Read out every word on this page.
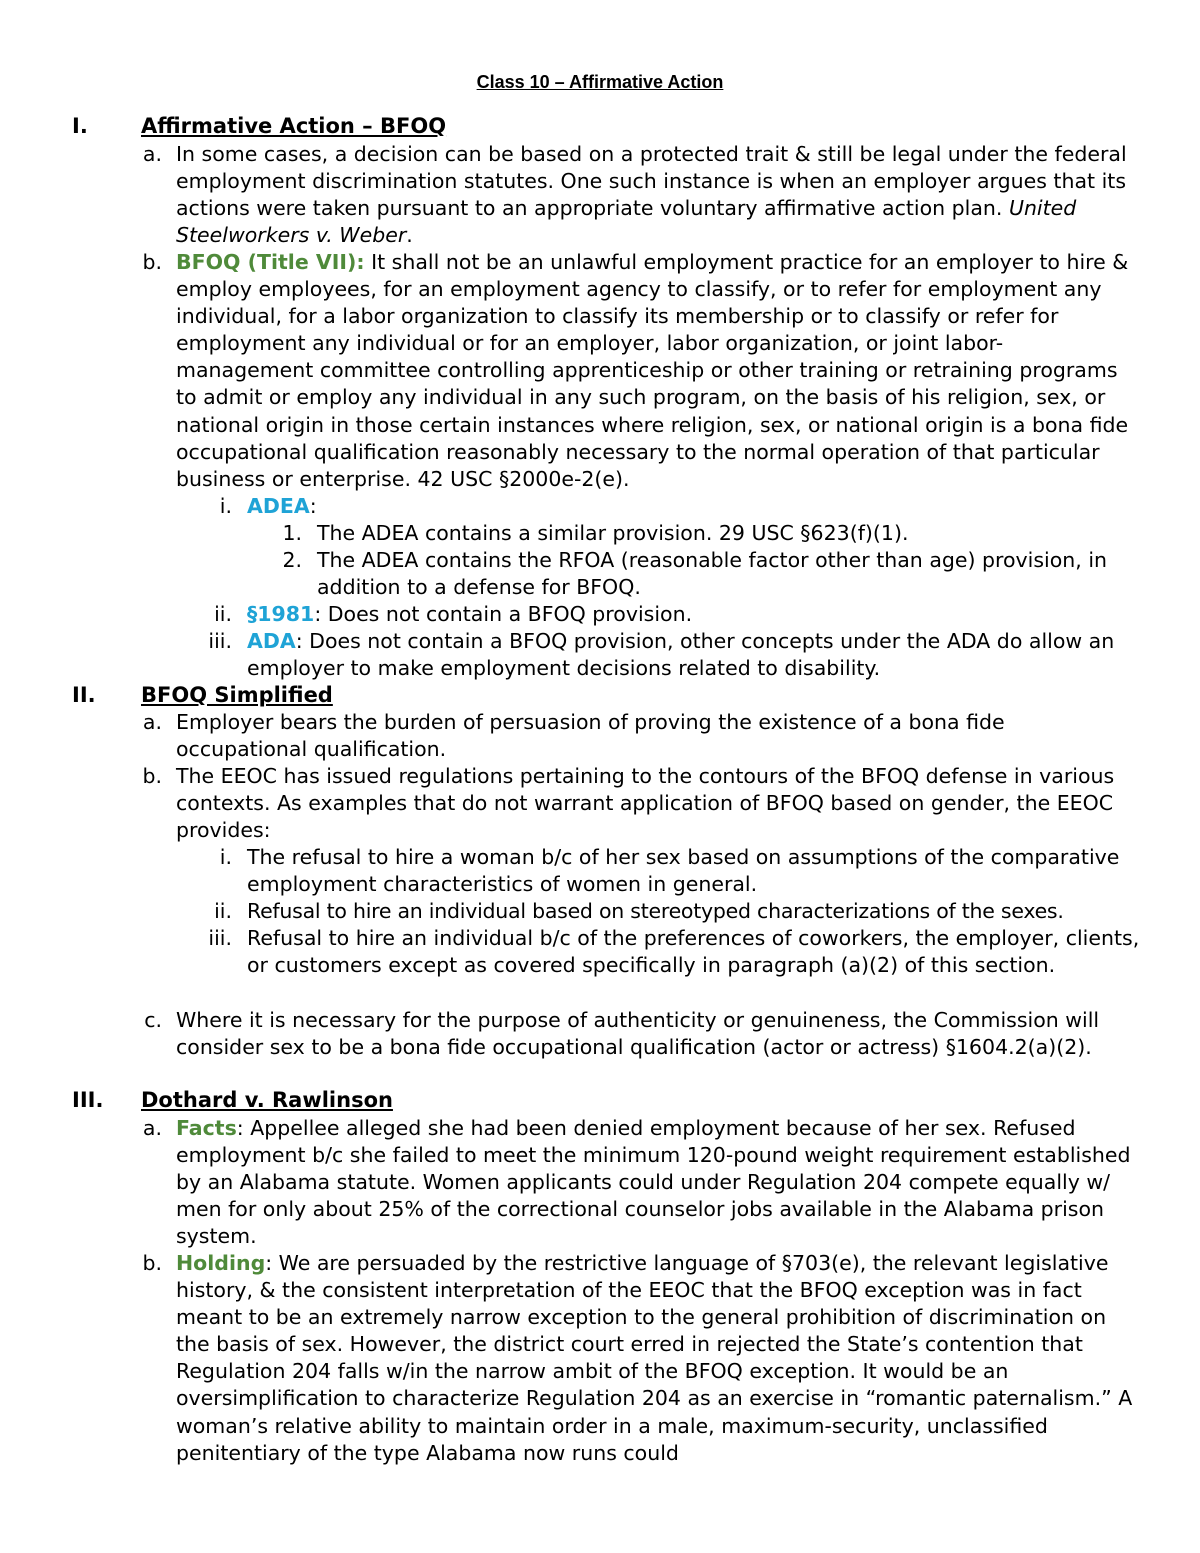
Class 10 – Affirmative Action
I.	Affirmative Action – BFOQ
a. In some cases, a decision can be based on a protected trait & still be legal under the federal employment discrimination statutes. One such instance is when an employer argues that its actions were taken pursuant to an appropriate voluntary affirmative action plan. United Steelworkers v. Weber.
b. BFOQ (Title VII): It shall not be an unlawful employment practice for an employer to hire & employ employees, for an employment agency to classify, or to refer for employment any individual, for a labor organization to classify its membership or to classify or refer for employment any individual or for an employer, labor organization, or joint labor-management committee controlling apprenticeship or other training or retraining programs to admit or employ any individual in any such program, on the basis of his religion, sex, or national origin in those certain instances where religion, sex, or national origin is a bona fide occupational qualification reasonably necessary to the normal operation of that particular business or enterprise. 42 USC §2000e-2(e).
i. ADEA:
1. The ADEA contains a similar provision. 29 USC §623(f)(1).
2. The ADEA contains the RFOA (reasonable factor other than age) provision, in addition to a defense for BFOQ.
ii. §1981: Does not contain a BFOQ provision.
iii. ADA: Does not contain a BFOQ provision, other concepts under the ADA do allow an employer to make employment decisions related to disability.
II. BFOQ Simplified
a. Employer bears the burden of persuasion of proving the existence of a bona fide occupational qualification.
b. The EEOC has issued regulations pertaining to the contours of the BFOQ defense in various contexts. As examples that do not warrant application of BFOQ based on gender, the EEOC provides:
i. The refusal to hire a woman b/c of her sex based on assumptions of the comparative employment characteristics of women in general.
ii. Refusal to hire an individual based on stereotyped characterizations of the sexes.
iii. Refusal to hire an individual b/c of the preferences of coworkers, the employer, clients, or customers except as covered specifically in paragraph (a)(2) of this section.
c. Where it is necessary for the purpose of authenticity or genuineness, the Commission will consider sex to be a bona fide occupational qualification (actor or actress) §1604.2(a)(2).
III. Dothard v. Rawlinson
a. Facts: Appellee alleged she had been denied employment because of her sex. Refused employment b/c she failed to meet the minimum 120-pound weight requirement established by an Alabama statute. Women applicants could under Regulation 204 compete equally w/ men for only about 25% of the correctional counselor jobs available in the Alabama prison system.
b. Holding: We are persuaded by the restrictive language of §703(e), the relevant legislative history, & the consistent interpretation of the EEOC that the BFOQ exception was in fact meant to be an extremely narrow exception to the general prohibition of discrimination on the basis of sex. However, the district court erred in rejected the State’s contention that Regulation 204 falls w/in the narrow ambit of the BFOQ exception. It would be an oversimplification to characterize Regulation 204 as an exercise in “romantic paternalism.” A woman’s relative ability to maintain order in a male, maximum-security, unclassified penitentiary of the type Alabama now runs could
